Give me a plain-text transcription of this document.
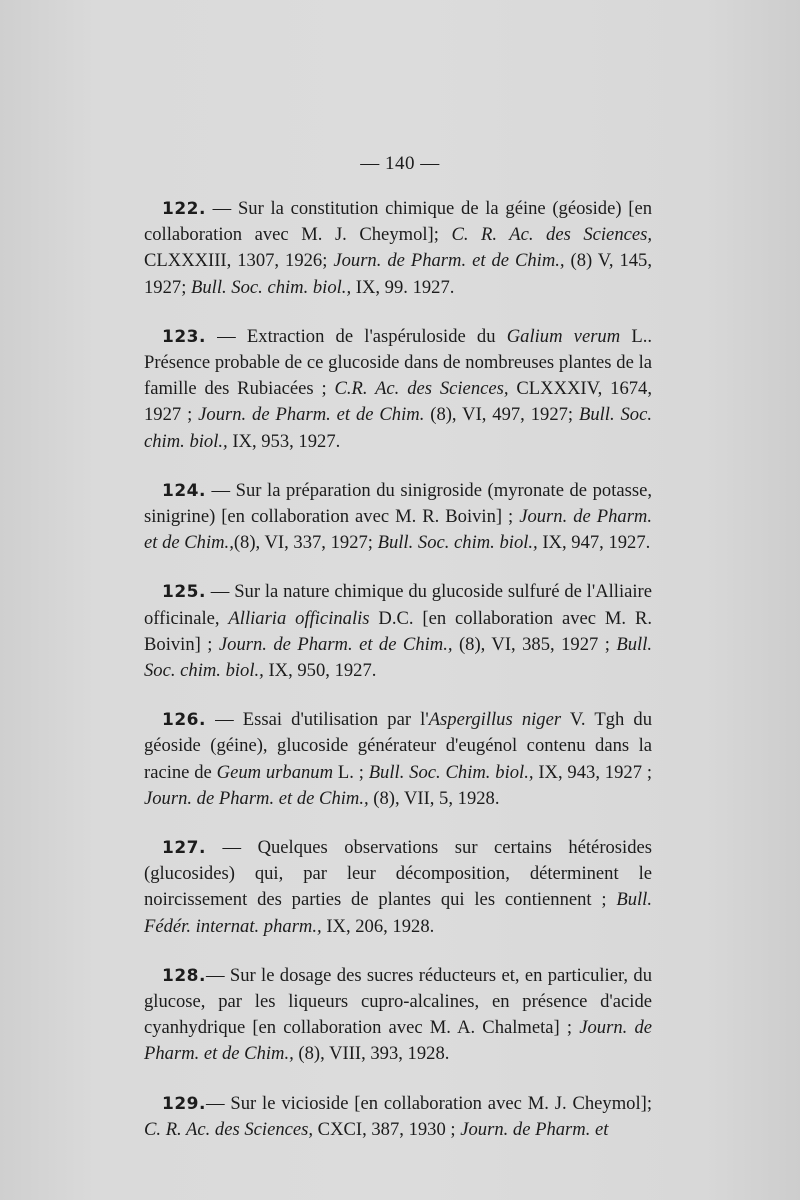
— 140 —

122. — Sur la constitution chimique de la géine (géoside) [en collaboration avec M. J. Cheymol]; C. R. Ac. des Sciences, CLXXXIII, 1307, 1926; Journ. de Pharm. et de Chim., (8) V, 145, 1927; Bull. Soc. chim. biol., IX, 99. 1927.

123. — Extraction de l'aspéruloside du Galium verum L.. Présence probable de ce glucoside dans de nombreuses plantes de la famille des Rubiacées ; C.R. Ac. des Sciences, CLXXXIV, 1674, 1927 ; Journ. de Pharm. et de Chim. (8), VI, 497, 1927; Bull. Soc. chim. biol., IX, 953, 1927.

124. — Sur la préparation du sinigroside (myronate de potasse, sinigrine) [en collaboration avec M. R. Boivin] ; Journ. de Pharm. et de Chim.,(8), VI, 337, 1927; Bull. Soc. chim. biol., IX, 947, 1927.

125. — Sur la nature chimique du glucoside sulfuré de l'Alliaire officinale, Alliaria officinalis D.C. [en collaboration avec M. R. Boivin] ; Journ. de Pharm. et de Chim., (8), VI, 385, 1927 ; Bull. Soc. chim. biol., IX, 950, 1927.

126. — Essai d'utilisation par l'Aspergillus niger V. Tgh du géoside (géine), glucoside générateur d'eugénol contenu dans la racine de Geum urbanum L. ; Bull. Soc. Chim. biol., IX, 943, 1927 ; Journ. de Pharm. et de Chim., (8), VII, 5, 1928.

127. — Quelques observations sur certains hétérosides (glucosides) qui, par leur décomposition, déterminent le noircissement des parties de plantes qui les contiennent ; Bull. Fédér. internat. pharm., IX, 206, 1928.

128.— Sur le dosage des sucres réducteurs et, en particulier, du glucose, par les liqueurs cupro-alcalines, en présence d'acide cyanhydrique [en collaboration avec M. A. Chalmeta] ; Journ. de Pharm. et de Chim., (8), VIII, 393, 1928.

129.— Sur le vicioside [en collaboration avec M. J. Cheymol]; C. R. Ac. des Sciences, CXCI, 387, 1930 ; Journ. de Pharm. et
